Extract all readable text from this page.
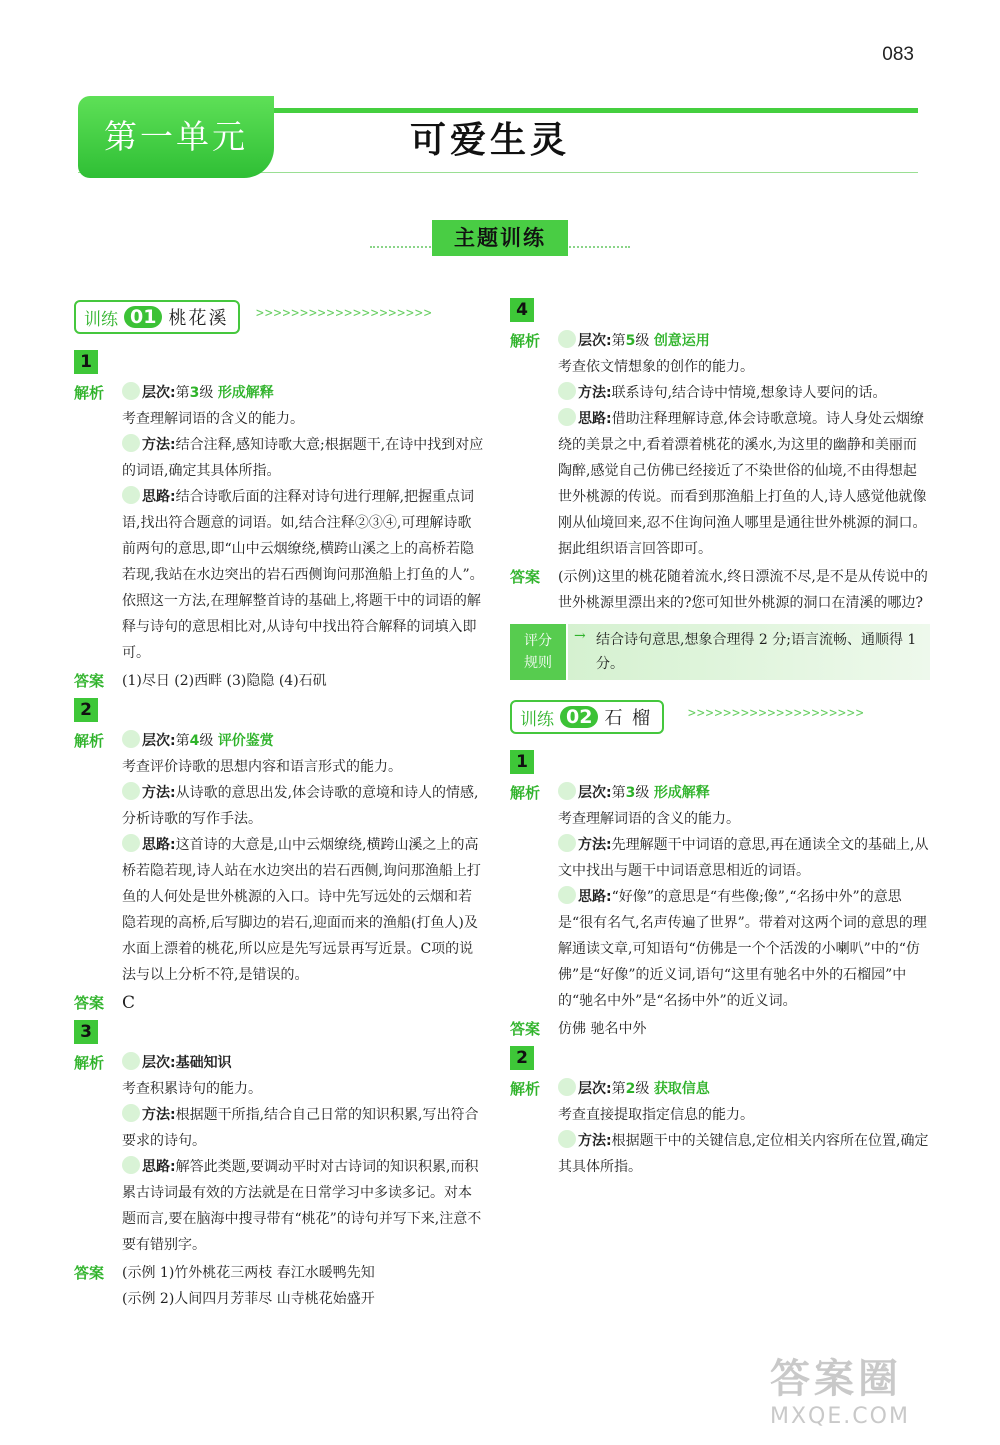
083
第一单元	可爱生灵
主题训练
训练 01 桃花溪	>>>>>>>>>>>>>>>>>>>>
1
解析	层次:第3级 形成解释

考查理解词语的含义的能力。

方法:结合注释,感知诗歌大意;根据题干,在诗中找到对应的词语,确定其具体所指。

思路:结合诗歌后面的注释对诗句进行理解,把握重点词语,找出符合题意的词语。如,结合注释②③④,可理解诗歌前两句的意思,即“山中云烟缭绕,横跨山溪之上的高桥若隐若现,我站在水边突出的岩石西侧询问那渔船上打鱼的人”。依照这一方法,在理解整首诗的基础上,将题干中的词语的解释与诗句的意思相比对,从诗句中找出符合解释的词填入即可。

答案 (1)尽日 (2)西畔 (3)隐隐 (4)石矶

2
解析	层次:第4级 评价鉴赏

考查评价诗歌的思想内容和语言形式的能力。

方法:从诗歌的意思出发,体会诗歌的意境和诗人的情感,分析诗歌的写作手法。

思路:这首诗的大意是,山中云烟缭绕,横跨山溪之上的高桥若隐若现,诗人站在水边突出的岩石西侧,询问那渔船上打鱼的人何处是世外桃源的入口。诗中先写远处的云烟和若隐若现的高桥,后写脚边的岩石,迎面而来的渔船(打鱼人)及水面上漂着的桃花,所以应是先写远景再写近景。C项的说法与以上分析不符,是错误的。

答案 C

3
解析	层次:基础知识

考查积累诗句的能力。

方法:根据题干所指,结合自己日常的知识积累,写出符合要求的诗句。

思路:解答此类题,要调动平时对古诗词的知识积累,而积累古诗词最有效的方法就是在日常学习中多读多记。对本题而言,要在脑海中搜寻带有“桃花”的诗句并写下来,注意不要有错别字。

答案 (示例 1)竹外桃花三两枝 春江水暖鸭先知

(示例 2)人间四月芳菲尽 山寺桃花始盛开

4
解析	层次:第5级 创意运用

考查依文情想象的创作的能力。

方法:联系诗句,结合诗中情境,想象诗人要问的话。

思路:借助注释理解诗意,体会诗歌意境。诗人身处云烟缭绕的美景之中,看着漂着桃花的溪水,为这里的幽静和美丽而陶醉,感觉自己仿佛已经接近了不染世俗的仙境,不由得想起世外桃源的传说。而看到那渔船上打鱼的人,诗人感觉他就像刚从仙境回来,忍不住询问渔人哪里是通往世外桃源的洞口。据此组织语言回答即可。

答案 (示例)这里的桃花随着流水,终日漂流不尽,是不是从传说中的世外桃源里漂出来的?您可知世外桃源的洞口在清溪的哪边?

评分
规则
结合诗句意思,想象合理得 2 分;语言流畅、通顺得 1 分。
→
训练 02 石 榴	>>>>>>>>>>>>>>>>>>>>
1
解析	层次:第3级 形成解释

考查理解词语的含义的能力。

方法:先理解题干中词语的意思,再在通读全文的基础上,从文中找出与题干中词语意思相近的词语。

思路:“好像”的意思是“有些像;像”,“名扬中外”的意思是“很有名气,名声传遍了世界”。带着对这两个词的意思的理解通读文章,可知语句“仿佛是一个个活泼的小喇叭”中的“仿佛”是“好像”的近义词,语句“这里有驰名中外的石榴园”中的“驰名中外”是“名扬中外”的近义词。

答案 仿佛 驰名中外

2
解析	层次:第2级 获取信息

考查直接提取指定信息的能力。

方法:根据题干中的关键信息,定位相关内容所在位置,确定其具体所指。

答案圈
MXQE.COM
